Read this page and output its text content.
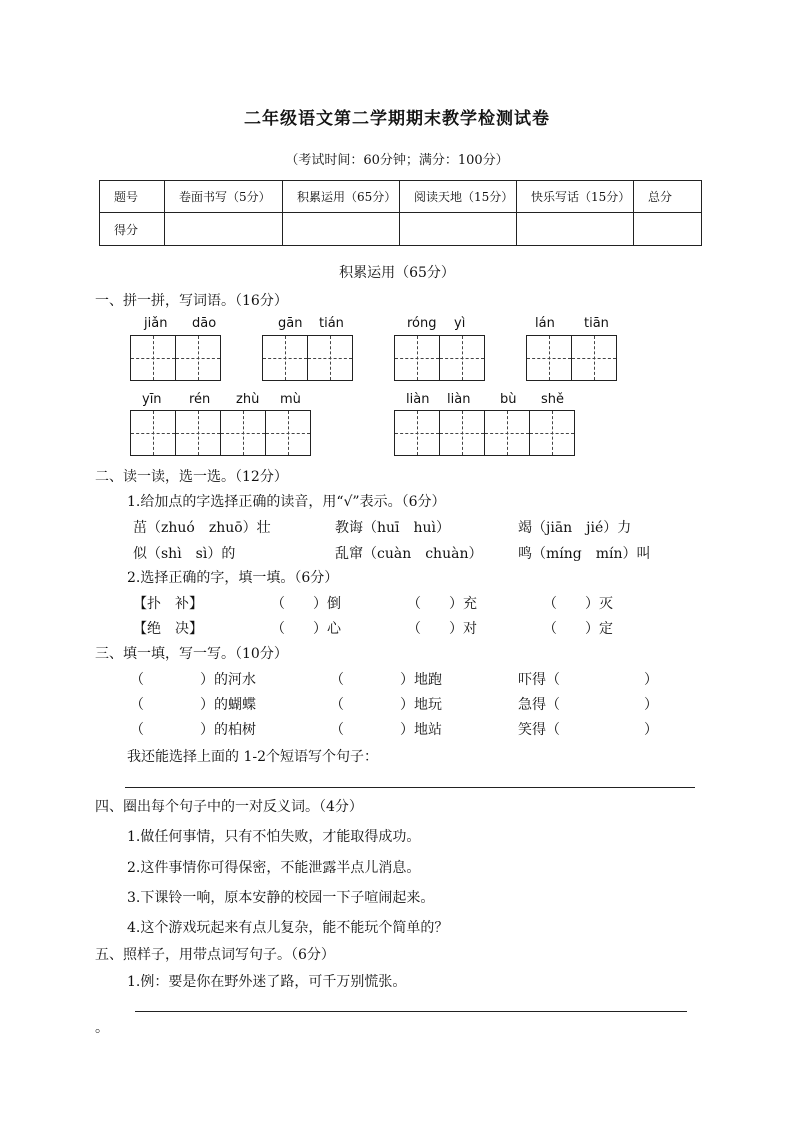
二年级语文第二学期期末教学检测试卷
（考试时间：60分钟；满分：100分）
题号	卷面书写（5分）	积累运用（65分）	阅读天地（15分）	快乐写话（15分）	总分
得分					
积累运用（65分）
一、拼一拼，写词语。（16分）
jiǎn dāo	gān tián	róng yì	lán tiān
yīn rén zhù mù	liàn liàn bù shě
二、读一读，选一选。（12分）
1.给加点的字选择正确的读音，用“√”表示。（6分）
茁（zhuó　zhuō）壮	教诲（huī　huì）	竭（jiān　jié）力
似（shì　sì）的	乱窜（cuàn　chuàn）	鸣（míng　mín）叫
2.选择正确的字，填一填。（6分）
【扑　补】	（　　）倒	（　　）充	（　　）灭
【绝　决】	（　　）心	（　　）对	（　　）定
三、填一填，写一写。（10分）
（　　　　）的河水	（　　　　）地跑	吓得（　　　　　　）
（　　　　）的蝴蝶	（　　　　）地玩	急得（　　　　　　）
（　　　　）的柏树	（　　　　）地站	笑得（　　　　　　）
我还能选择上面的 1-2个短语写个句子：
四、圈出每个句子中的一对反义词。（4分）
1.做任何事情，只有不怕失败，才能取得成功。
2.这件事情你可得保密，不能泄露半点儿消息。
3.下课铃一响，原本安静的校园一下子喧闹起来。
4.这个游戏玩起来有点儿复杂，能不能玩个简单的？
五、照样子，用带点词写句子。（6分）
1.例：要是你在野外迷了路，可千万别慌张。
。
